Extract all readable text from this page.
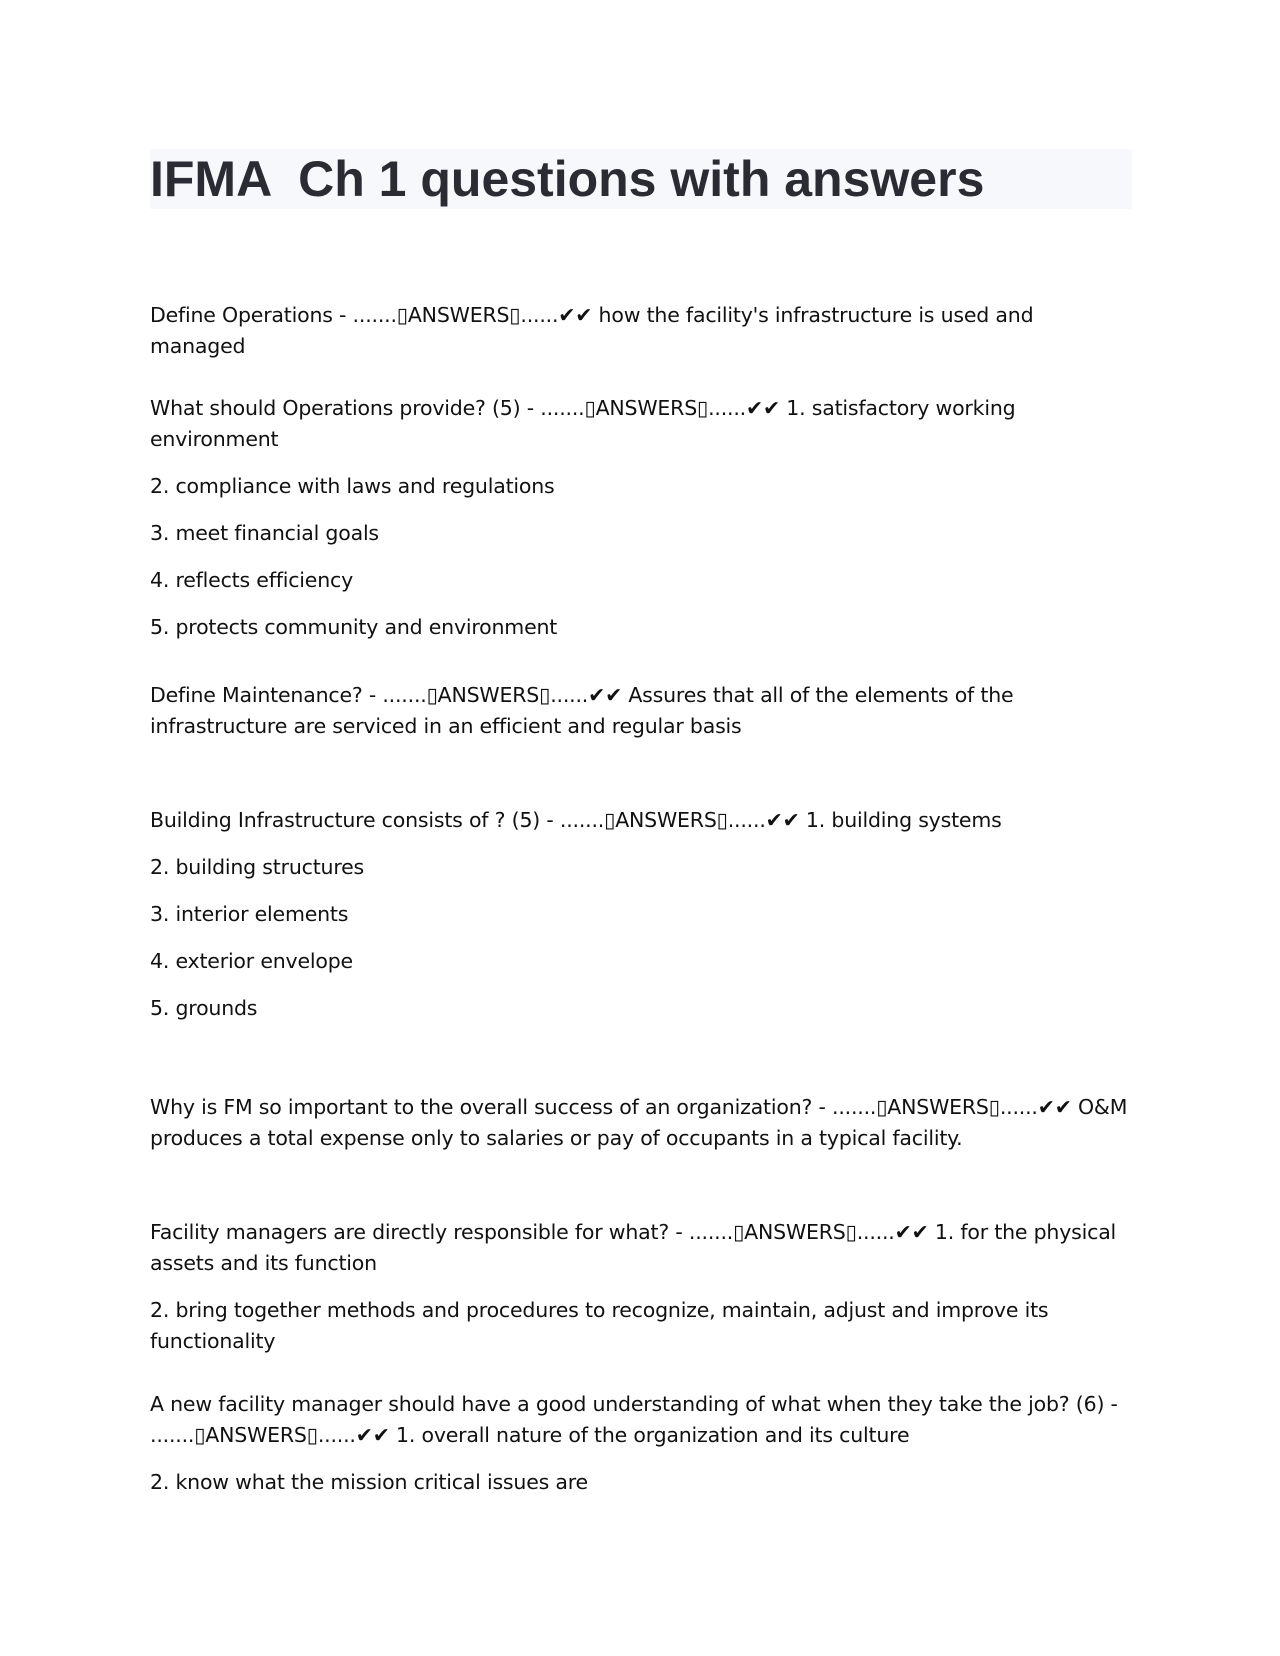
IFMA  Ch 1 questions with answers

Define Operations - .......▯ANSWERS▯......✔✔ how the facility's infrastructure is used and managed

What should Operations provide? (5) - .......▯ANSWERS▯......✔✔ 1. satisfactory working environment

2. compliance with laws and regulations

3. meet financial goals

4. reflects efficiency

5. protects community and environment

Define Maintenance? - .......▯ANSWERS▯......✔✔ Assures that all of the elements of the infrastructure are serviced in an efficient and regular basis

Building Infrastructure consists of ? (5) - .......▯ANSWERS▯......✔✔ 1. building systems

2. building structures

3. interior elements

4. exterior envelope

5. grounds

Why is FM so important to the overall success of an organization? - .......▯ANSWERS▯......✔✔ O&M produces a total expense only to salaries or pay of occupants in a typical facility.

Facility managers are directly responsible for what? - .......▯ANSWERS▯......✔✔ 1. for the physical assets and its function

2. bring together methods and procedures to recognize, maintain, adjust and improve its functionality

A new facility manager should have a good understanding of what when they take the job? (6) - .......▯ANSWERS▯......✔✔ 1. overall nature of the organization and its culture

2. know what the mission critical issues are
